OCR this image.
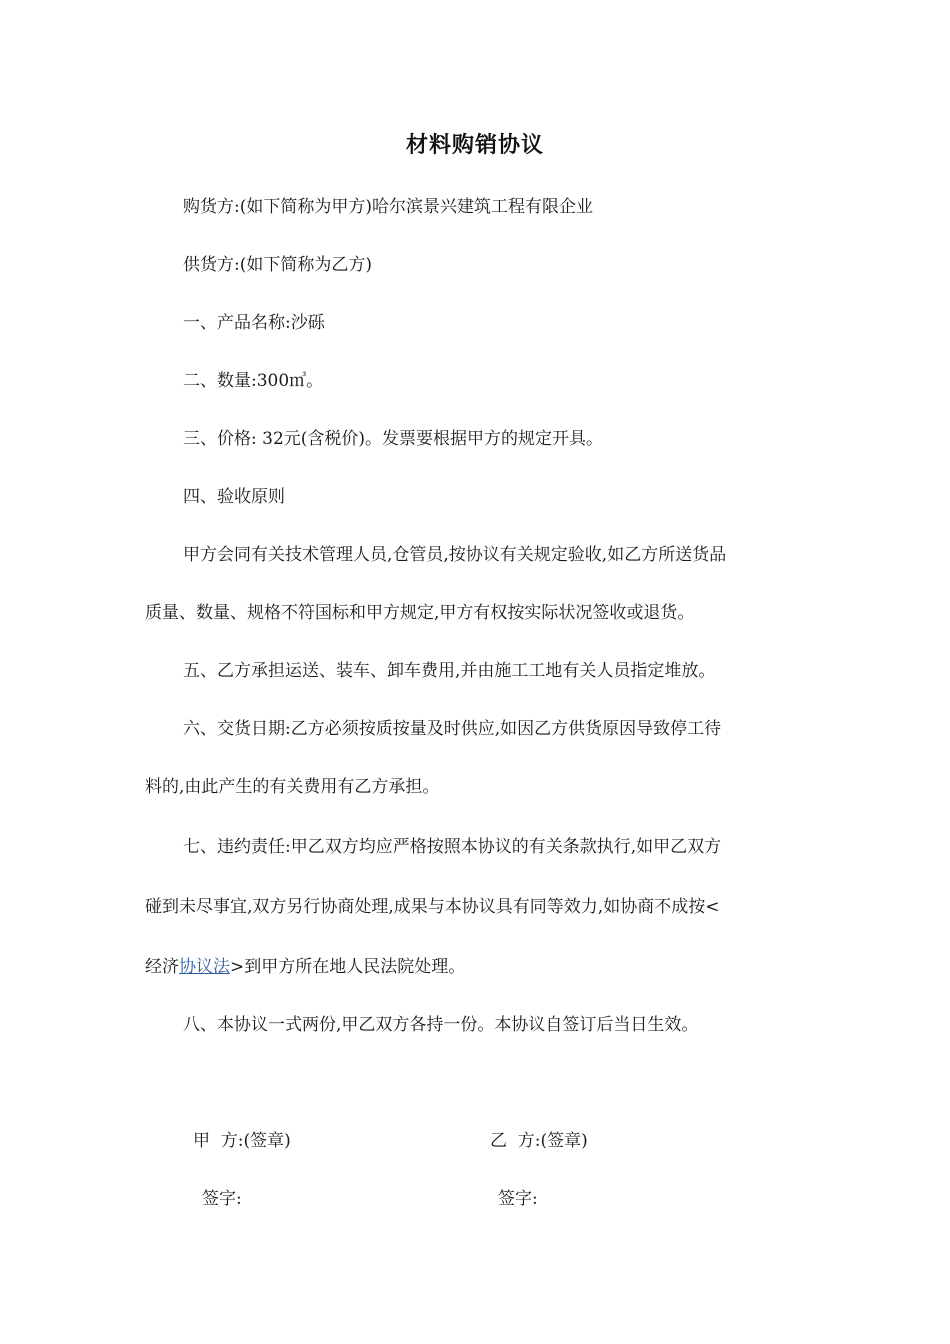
材料购销协议
购货方:(如下简称为甲方)哈尔滨景兴建筑工程有限企业
供货方:(如下简称为乙方)
一、产品名称:沙砾
二、数量:300㎥。
三、价格: 32元(含税价)。发票要根据甲方的规定开具。
四、验收原则
甲方会同有关技术管理人员,仓管员,按协议有关规定验收,如乙方所送货品
质量、数量、规格不符国标和甲方规定,甲方有权按实际状况签收或退货。
五、乙方承担运送、装车、卸车费用,并由施工工地有关人员指定堆放。
六、交货日期:乙方必须按质按量及时供应,如因乙方供货原因导致停工待
料的,由此产生的有关费用有乙方承担。
七、违约责任:甲乙双方均应严格按照本协议的有关条款执行,如甲乙双方
碰到未尽事宜,双方另行协商处理,成果与本协议具有同等效力,如协商不成按<
经济协议法>到甲方所在地人民法院处理。
八、本协议一式两份,甲乙双方各持一份。本协议自签订后当日生效。
甲  方:(签章)	乙  方:(签章)
签字:	签字:
